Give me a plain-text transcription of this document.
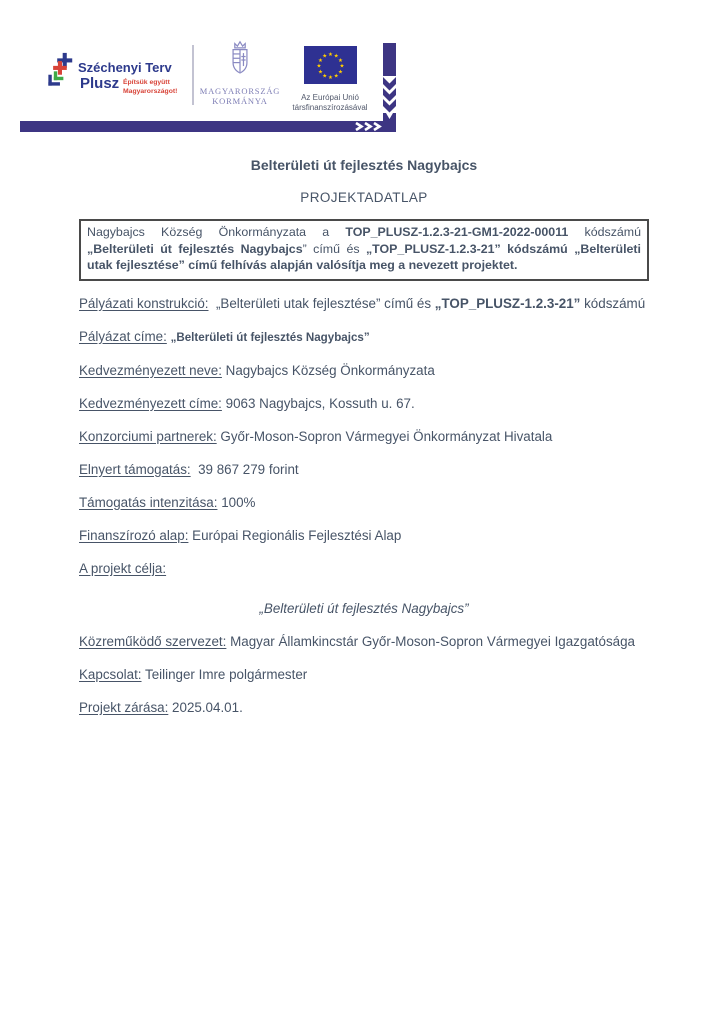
Széchenyi Terv
Plusz Építsük együtt
Magyarországot!	MAGYARORSZÁG
KORMÁNYA
★ ★
★
★
★
★
★
★
★
★
★
★
Az Európai Unió
társfinanszírozásával
Belterületi út fejlesztés Nagybajcs
PROJEKTADATLAP
Nagybajcs Község Önkormányzata a TOP_PLUSZ-1.2.3-21-GM1-2022-00011 kódszámú „Belterületi út fejlesztés Nagybajcs” című és „TOP_PLUSZ-1.2.3-21” kódszámú „Belterületi utak fejlesztése” című felhívás alapján valósítja meg a nevezett projektet.

Pályázati konstrukció:  „Belterületi utak fejlesztése” című és „TOP_PLUSZ-1.2.3-21” kódszámú

Pályázat címe: „Belterületi út fejlesztés Nagybajcs”

Kedvezményezett neve: Nagybajcs Község Önkormányzata

Kedvezményezett címe: 9063 Nagybajcs, Kossuth u. 67.

Konzorciumi partnerek: Győr-Moson-Sopron Vármegyei Önkormányzat Hivatala

Elnyert támogatás:  39 867 279 forint

Támogatás intenzitása: 100%

Finanszírozó alap: Európai Regionális Fejlesztési Alap

A projekt célja:

„Belterületi út fejlesztés Nagybajcs”

Közreműködő szervezet: Magyar Államkincstár Győr-Moson-Sopron Vármegyei Igazgatósága

Kapcsolat: Teilinger Imre polgármester

Projekt zárása: 2025.04.01.
